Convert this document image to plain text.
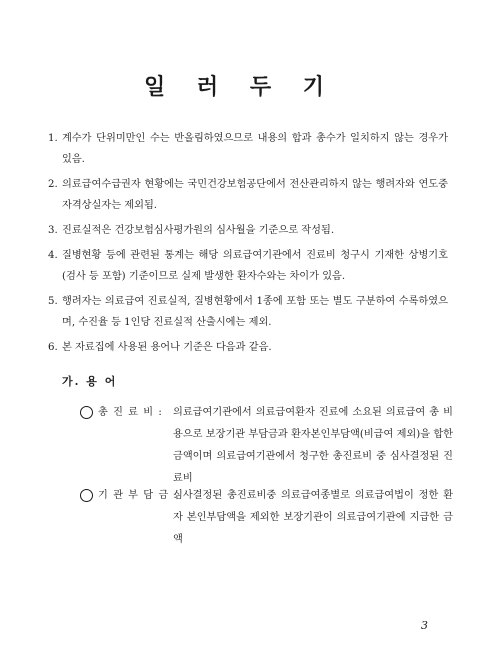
일 러 두 기
1. 계수가 단위미만인 수는 반올림하였으므로 내용의 합과 총수가 일치하지 않는 경우가 있음.
2. 의료급여수급권자 현황에는 국민건강보험공단에서 전산관리하지 않는 행려자와 연도중 자격상실자는 제외됨.
3. 진료실적은 건강보험심사평가원의 심사월을 기준으로 작성됨.
4. 질병현황 등에 관련된 통계는 해당 의료급여기관에서 진료비 청구시 기재한 상병기호(검사 등 포함) 기준이므로 실제 발생한 환자수와는 차이가 있음.
5. 행려자는 의료급여 진료실적, 질병현황에서 1종에 포함 또는 별도 구분하여 수록하였으며, 수진율 등 1인당 진료실적 산출시에는 제외.
6. 본 자료집에 사용된 용어나 기준은 다음과 같음.
가. 용 어
총 진 료 비 : 의료급여기관에서 의료급여환자 진료에 소요된 의료급여 총 비용으로 보장기관 부담금과 환자본인부담액(비급여 제외)을 합한 금액이며 의료급여기관에서 청구한 총진료비 중 심사결정된 진료비
기 관 부 담 금 :
심사결정된 총진료비중 의료급여종별로 의료급여법이 정한 환자 본인부담액을 제외한 보장기관이 의료급여기관에 지급한 금액
3
